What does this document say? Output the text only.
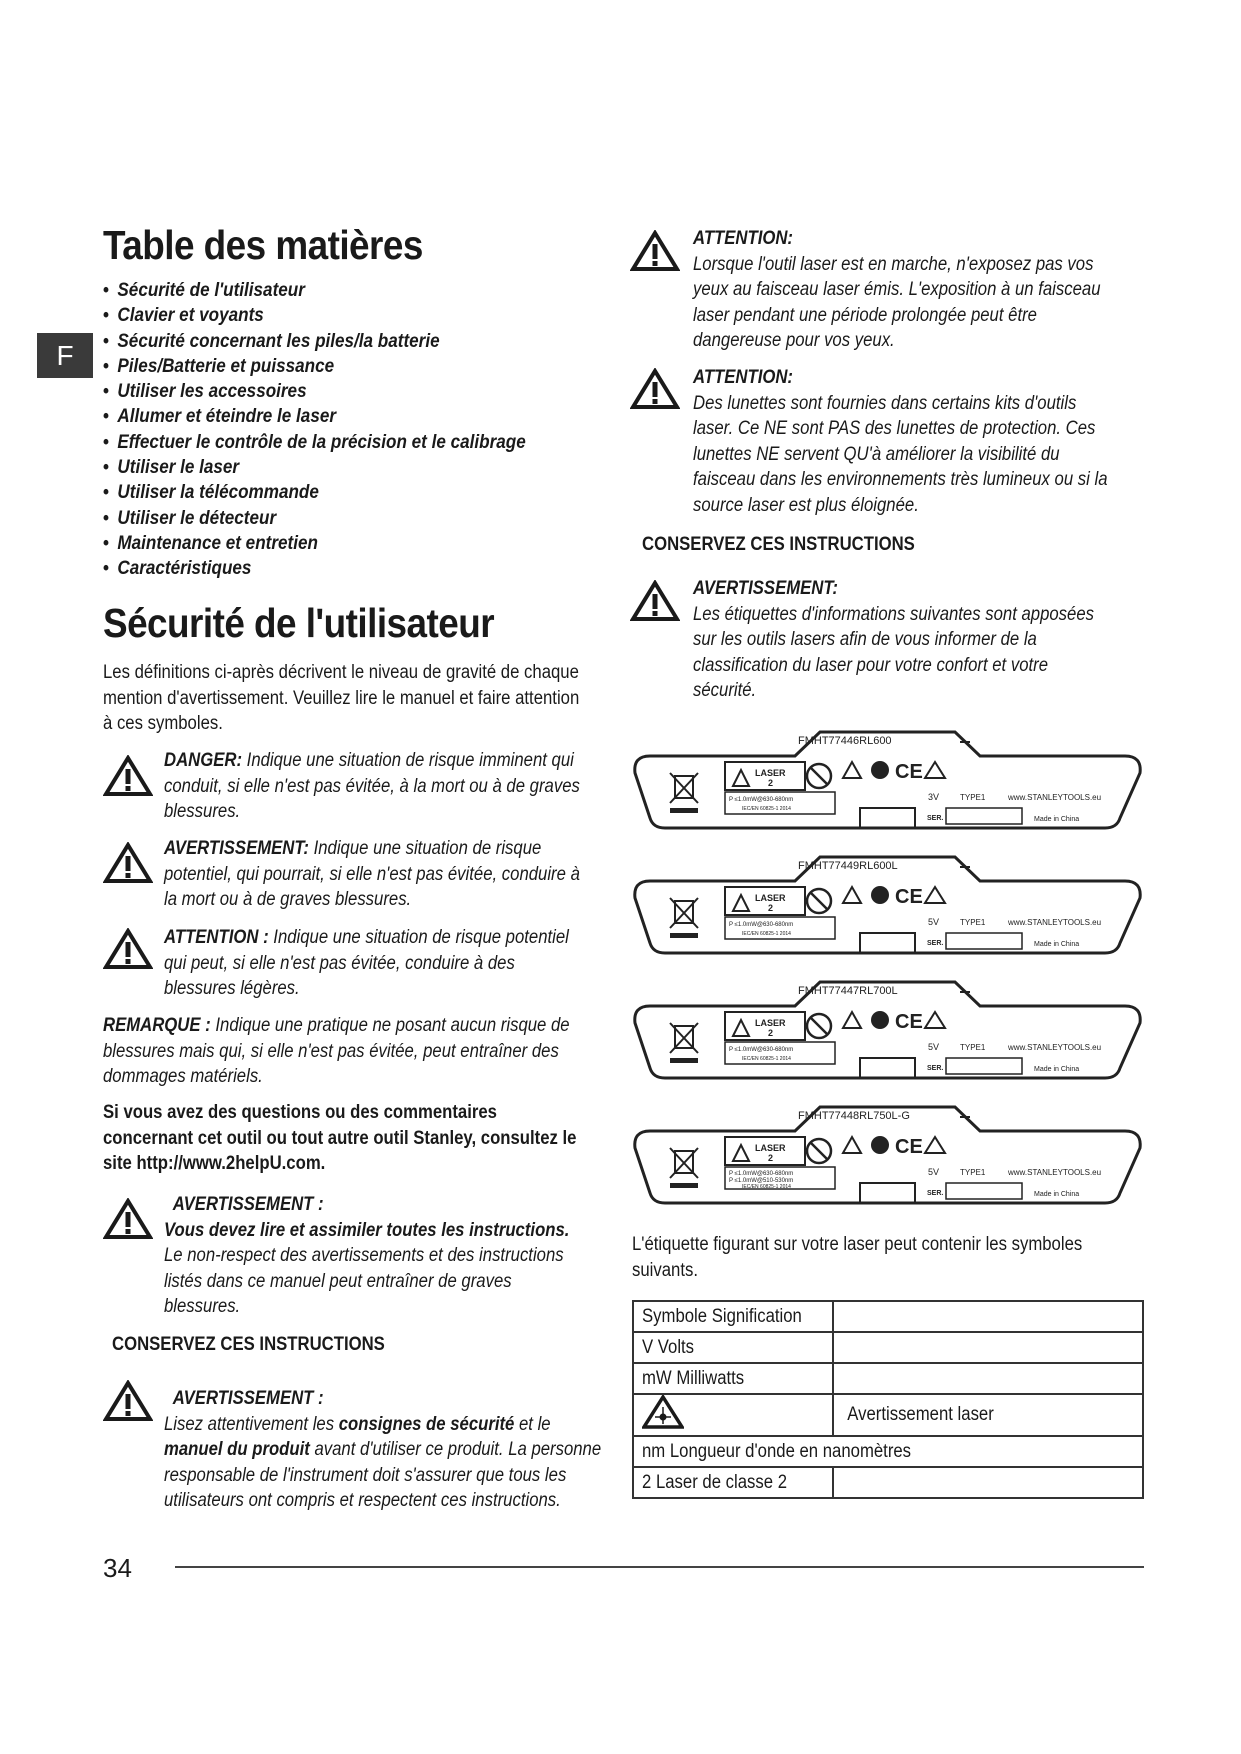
F
Table des matières
• Sécurité de l'utilisateur
• Clavier et voyants
• Sécurité concernant les piles/la batterie
• Piles/Batterie et puissance
• Utiliser les accessoires
• Allumer et éteindre le laser
• Effectuer le contrôle de la précision et le calibrage
• Utiliser le laser
• Utiliser la télécommande
• Utiliser le détecteur
• Maintenance et entretien
• Caractéristiques
Sécurité de l'utilisateur
Les définitions ci-après décrivent le niveau de gravité de chaque
mention d'avertissement. Veuillez lire le manuel et faire attention
à ces symboles.
DANGER: Indique une situation de risque imminent qui
conduit, si elle n'est pas évitée, à la mort ou à de graves
blessures.
AVERTISSEMENT: Indique une situation de risque
potentiel, qui pourrait, si elle n'est pas évitée, conduire à
la mort ou à de graves blessures.
ATTENTION : Indique une situation de risque potentiel
qui peut, si elle n'est pas évitée, conduire à des
blessures légères.
REMARQUE : Indique une pratique ne posant aucun risque de
blessures mais qui, si elle n'est pas évitée, peut entraîner des
dommages matériels.
Si vous avez des questions ou des commentaires
concernant cet outil ou tout autre outil Stanley, consultez le
site http://www.2helpU.com.
AVERTISSEMENT :
Vous devez lire et assimiler toutes les instructions.
Le non-respect des avertissements et des instructions
listés dans ce manuel peut entraîner de graves
blessures.
CONSERVEZ CES INSTRUCTIONS
AVERTISSEMENT :
Lisez attentivement les consignes de sécurité et le
manuel du produit avant d'utiliser ce produit. La personne
responsable de l'instrument doit s'assurer que tous les
utilisateurs ont compris et respectent ces instructions.
ATTENTION:
Lorsque l'outil laser est en marche, n'exposez pas vos
yeux au faisceau laser émis. L'exposition à un faisceau
laser pendant une période prolongée peut être
dangereuse pour vos yeux.
ATTENTION:
Des lunettes sont fournies dans certains kits d'outils
laser. Ce NE sont PAS des lunettes de protection. Ces
lunettes NE servent QU'à améliorer la visibilité du
faisceau dans les environnements très lumineux ou si la
source laser est plus éloignée.
CONSERVEZ CES INSTRUCTIONS
AVERTISSEMENT:
Les étiquettes d'informations suivantes sont apposées
sur les outils lasers afin de vous informer de la
classification du laser pour votre confort et votre
sécurité.
FMHT77446RL600
LASER
2
P ≤1.0mW@630-680nm
IEC/EN 60825-1 2014
CE
3V	TYPE1	www.STANLEYTOOLS.eu
SER.	Made in China
FMHT77449RL600L
LASER
2
P ≤1.0mW@630-680nm
IEC/EN 60825-1 2014
CE
5V	TYPE1	www.STANLEYTOOLS.eu
SER.	Made in China
FMHT77447RL700L
LASER
2
P ≤1.0mW@630-680nm
IEC/EN 60825-1 2014
CE
5V	TYPE1	www.STANLEYTOOLS.eu
SER.	Made in China
FMHT77448RL750L-G
LASER
2
P ≤1.0mW@630-680nm
P ≤1.0mW@510-530nm
IEC/EN 60825-1 2014
CE
5V	TYPE1	www.STANLEYTOOLS.eu
SER.	Made in China
L'étiquette figurant sur votre laser peut contenir les symboles
suivants.
Symbole Signification	
V Volts	
mW Milliwatts	
	Avertissement laser
nm Longueur d'onde en nanomètres	
2 Laser de classe 2	
34
